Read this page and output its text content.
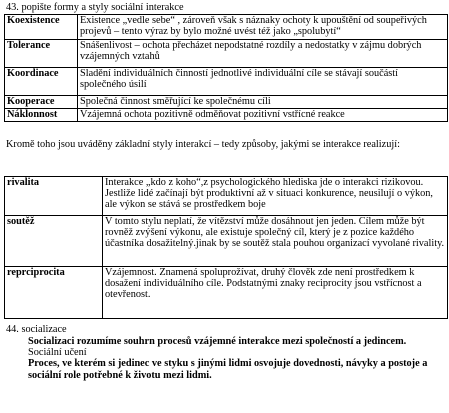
43. popište formy a styly sociální interakce
Koexistence	Existence „vedle sebe“ , zároveň však s náznaky ochoty k upouštění od soupeřivých projevů – tento výraz by bylo možné uvést též jako „spolubytí“
Tolerance	Snášenlivost – ochota přecházet nepodstatné rozdíly a nedostatky v zájmu dobrých vzájemných vztahů
Koordinace	Sladění individuálních činností jednotlivé individuální cíle se stávají součástí společného úsilí
Kooperace	Společná činnost směřující ke společnému cíli
Náklonnost	Vzájemná ochota pozitivně odměňovat pozitivní vstřícné reakce
Kromě toho jsou uváděny základní styly interakcí – tedy způsoby, jakými se interakce realizují:
rivalita	Interakce „kdo z koho“,z psychologického hlediska jde o interakci rizikovou. Jestliže lidé začínají být produktivní až v situaci konkurence, neusilují o výkon, ale výkon se stává se prostředkem boje
soutěž	V tomto stylu neplatí, že vítězství může dosáhnout jen jeden. Cílem může být rovněž zvýšení výkonu, ale existuje společný cíl, který je z pozice každého účastníka dosažitelný.jinak by se soutěž stala pouhou organizací vyvolané rivality.
reprciprocita	Vzájemnost. Znamená spoluprožívat, druhý člověk zde není prostředkem k dosažení individuálního cíle. Podstatnými znaky reciprocity jsou vstřícnost a otevřenost.
44. socializace
Socializaci rozumíme souhrn procesů vzájemné interakce mezi společností a jedincem.
Sociální učení
Proces, ve kterém si jedinec ve styku s jinými lidmi osvojuje dovednosti, návyky a postoje a sociální role potřebné k životu mezi lidmi.
